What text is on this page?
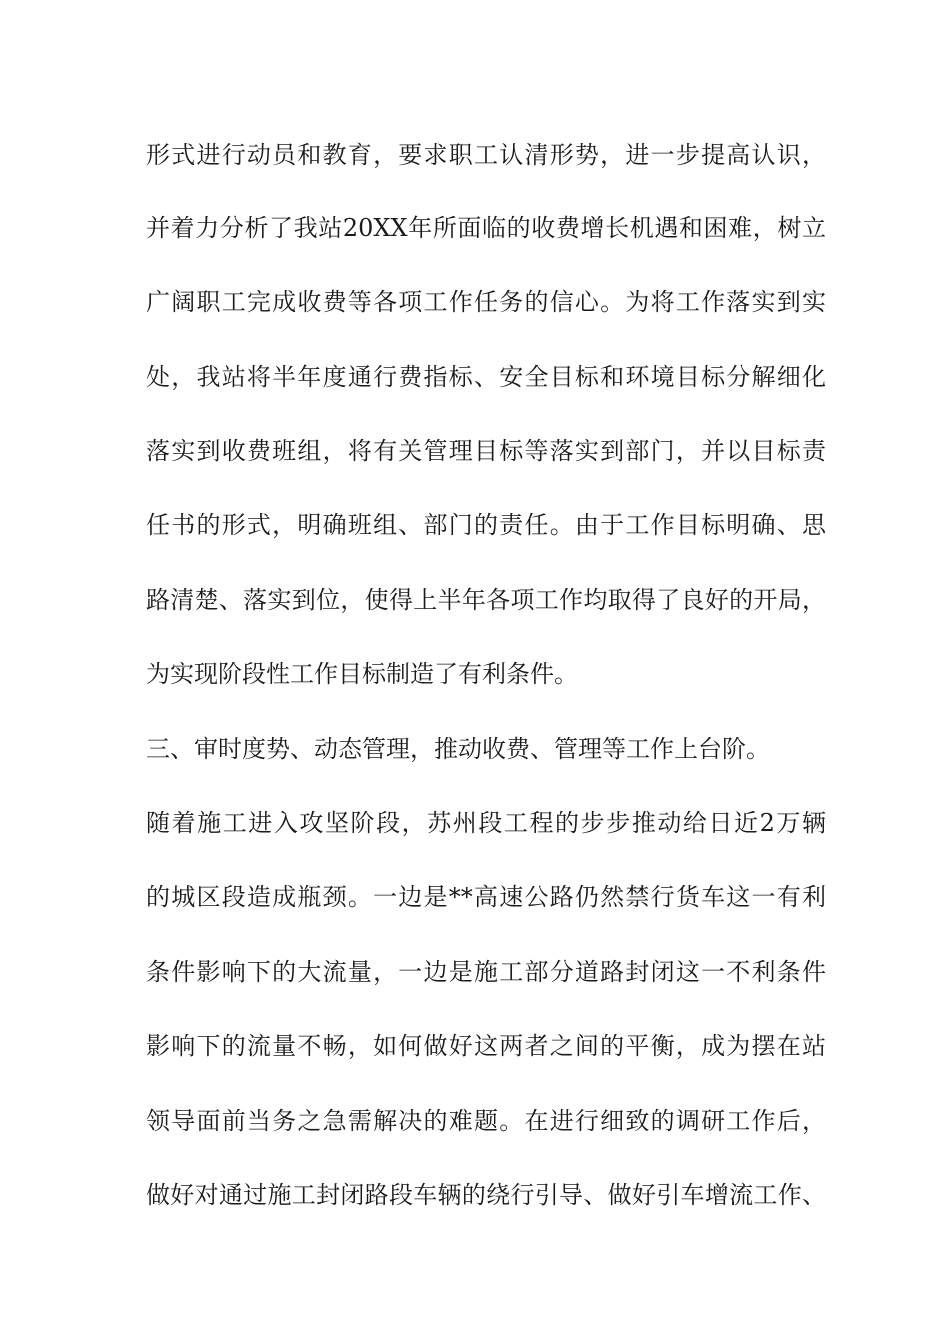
形式进行动员和教育，要求职工认清形势，进一步提高认识，
并着力分析了我站20XX年所面临的收费增长机遇和困难，树立
广阔职工完成收费等各项工作任务的信心。为将工作落实到实
处，我站将半年度通行费指标、安全目标和环境目标分解细化
落实到收费班组，将有关管理目标等落实到部门，并以目标责
任书的形式，明确班组、部门的责任。由于工作目标明确、思
路清楚、落实到位，使得上半年各项工作均取得了良好的开局，
为实现阶段性工作目标制造了有利条件。
三、审时度势、动态管理，推动收费、管理等工作上台阶。
随着施工进入攻坚阶段，苏州段工程的步步推动给日近2万辆
的城区段造成瓶颈。一边是**高速公路仍然禁行货车这一有利
条件影响下的大流量，一边是施工部分道路封闭这一不利条件
影响下的流量不畅，如何做好这两者之间的平衡，成为摆在站
领导面前当务之急需解决的难题。在进行细致的调研工作后，
做好对通过施工封闭路段车辆的绕行引导、做好引车增流工作、
